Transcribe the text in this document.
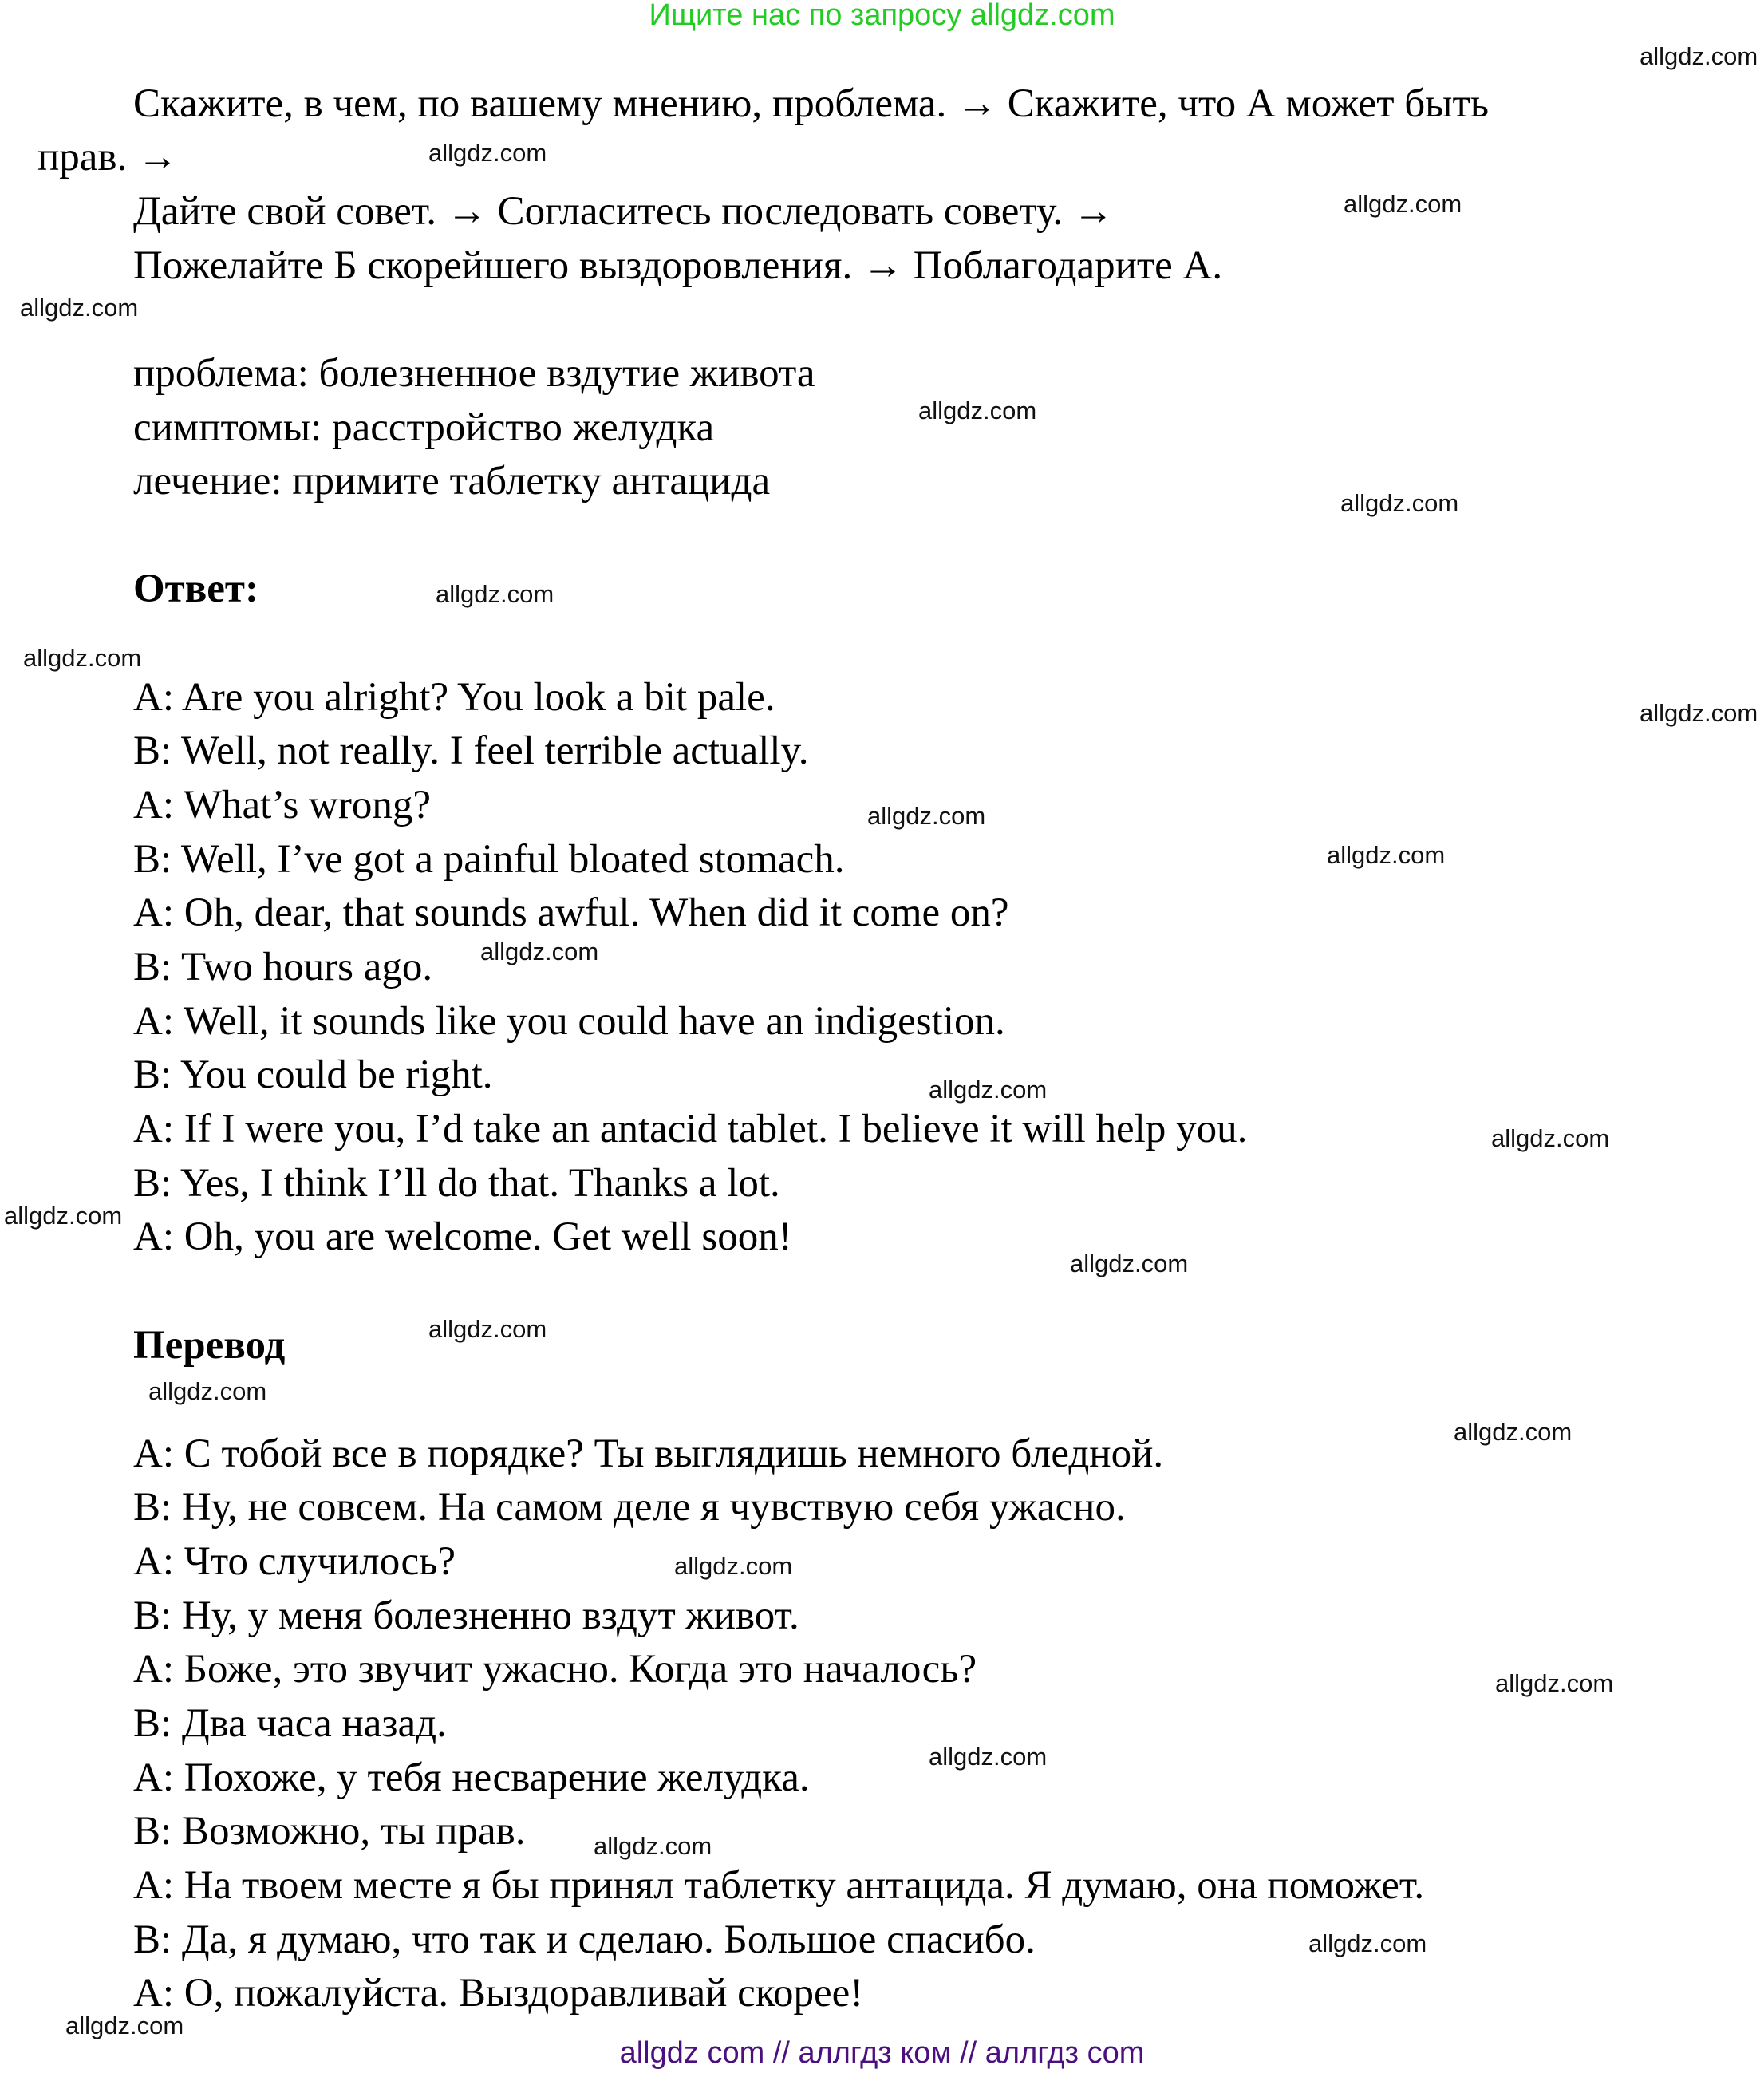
Ищите нас по запросу allgdz.com
Скажите, в чем, по вашему мнению, проблема. → Скажите, что А может быть
прав. →
Дайте свой совет. → Согласитесь последовать совету. →
Пожелайте Б скорейшего выздоровления. → Поблагодарите А.
проблема: болезненное вздутие живота
симптомы: расстройство желудка
лечение: примите таблетку антацида
Ответ:
A: Are you alright? You look a bit pale.
B: Well, not really. I feel terrible actually.
A: What’s wrong?
B: Well, I’ve got a painful bloated stomach.
A: Oh, dear, that sounds awful. When did it come on?
B: Two hours ago.
A: Well, it sounds like you could have an indigestion.
B: You could be right.
A: If I were you, I’d take an antacid tablet. I believe it will help you.
B: Yes, I think I’ll do that. Thanks a lot.
A: Oh, you are welcome. Get well soon!
Перевод
A: С тобой все в порядке? Ты выглядишь немного бледной.
B: Ну, не совсем. На самом деле я чувствую себя ужасно.
A: Что случилось?
B: Ну, у меня болезненно вздут живот.
A: Боже, это звучит ужасно. Когда это началось?
B: Два часа назад.
A: Похоже, у тебя несварение желудка.
B: Возможно, ты прав.
A: На твоем месте я бы принял таблетку антацида. Я думаю, она поможет.
B: Да, я думаю, что так и сделаю. Большое спасибо.
A: О, пожалуйста. Выздоравливай скорее!
allgdz.com
allgdz.com
allgdz.com
allgdz.com
allgdz.com
allgdz.com
allgdz.com
allgdz.com
allgdz.com
allgdz.com
allgdz.com
allgdz.com
allgdz.com
allgdz.com
allgdz.com
allgdz.com
allgdz.com
allgdz.com
allgdz.com
allgdz.com
allgdz.com
allgdz.com
allgdz.com
allgdz.com
allgdz.com
allgdz com // аллгдз ком // аллгдз com
